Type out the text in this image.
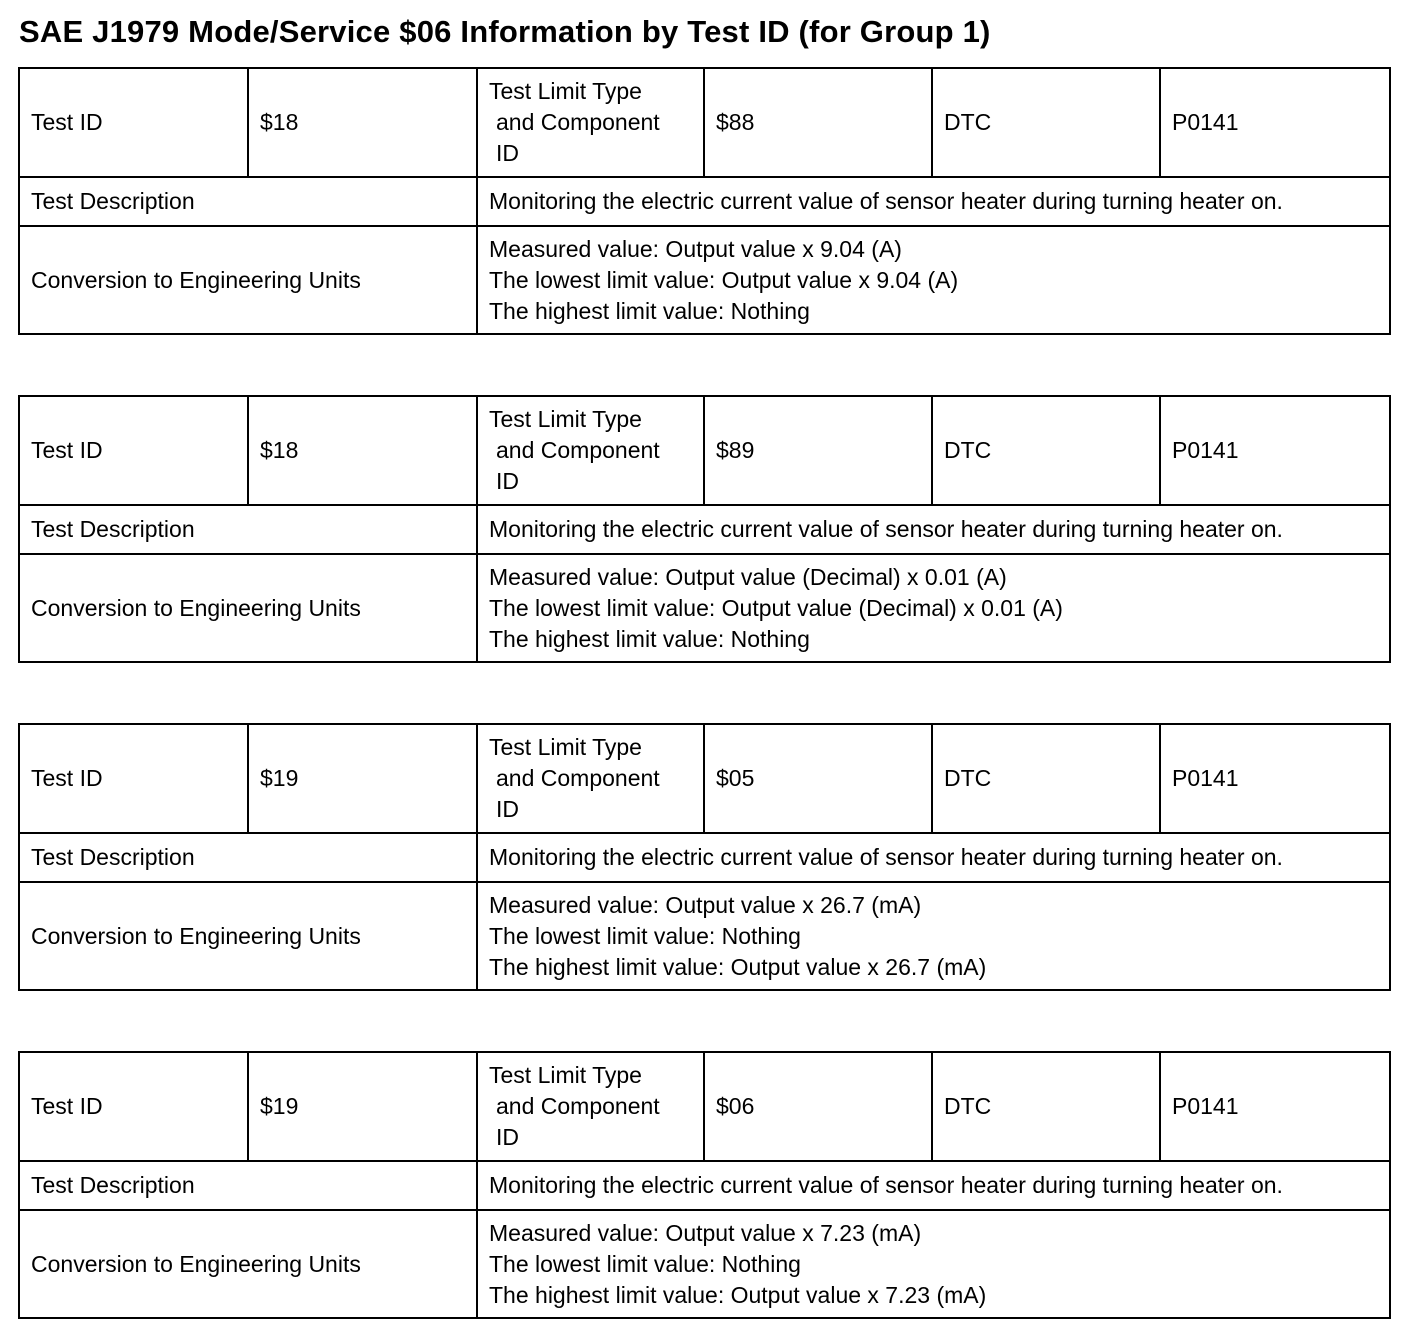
SAE J1979 Mode/Service $06 Information by Test ID (for Group 1)
Test ID	$18	Test Limit Type
and Component
ID	$88	DTC	P0141
Test Description		Monitoring the electric current value of sensor heater during turning heater on.			
Conversion to Engineering Units		Measured value: Output value x 9.04 (A)
The lowest limit value: Output value x 9.04 (A)
The highest limit value: Nothing			
Test ID	$18	Test Limit Type
and Component
ID	$89	DTC	P0141
Test Description		Monitoring the electric current value of sensor heater during turning heater on.			
Conversion to Engineering Units		Measured value: Output value (Decimal) x 0.01 (A)
The lowest limit value: Output value (Decimal) x 0.01 (A)
The highest limit value: Nothing			
Test ID	$19	Test Limit Type
and Component
ID	$05	DTC	P0141
Test Description		Monitoring the electric current value of sensor heater during turning heater on.			
Conversion to Engineering Units		Measured value: Output value x 26.7 (mA)
The lowest limit value: Nothing
The highest limit value: Output value x 26.7 (mA)			
Test ID	$19	Test Limit Type
and Component
ID	$06	DTC	P0141
Test Description		Monitoring the electric current value of sensor heater during turning heater on.			
Conversion to Engineering Units		Measured value: Output value x 7.23 (mA)
The lowest limit value: Nothing
The highest limit value: Output value x 7.23 (mA)			
